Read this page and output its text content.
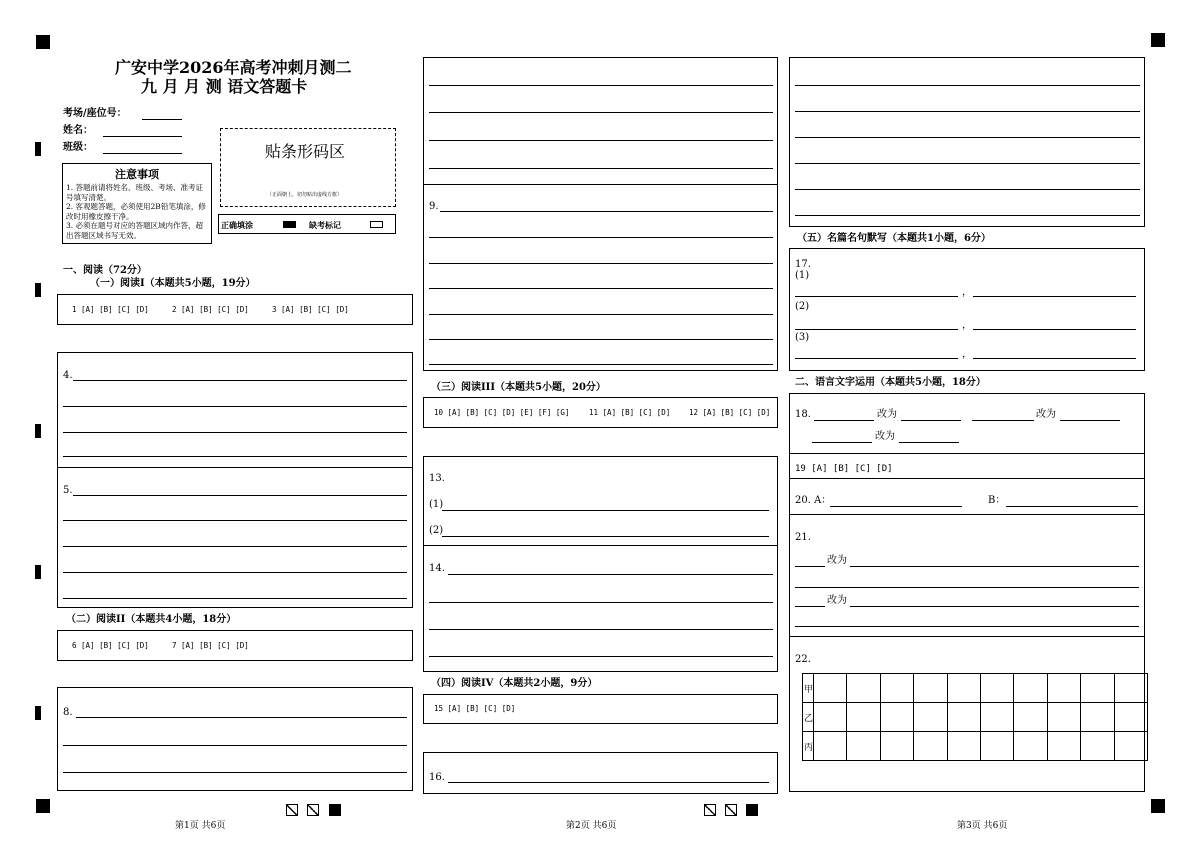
广安中学2026年高考冲刺月测二
九 月 月 测 语文答题卡
考场/座位号：
姓名：
班级：
注意事项
1. 答题前请将姓名、班级、考场、准考证号填写清楚。
2. 客观题答题，必须使用2B铅笔填涂，修改时用橡皮擦干净。
3. 必须在题号对应的答题区域内作答，超出答题区域书写无效。
贴条形码区
（正面朝上，切勿贴出虚线方框）
正确填涂	缺考标记
一、阅读（72分）
（一）阅读I（本题共5小题，19分）
1 [A] [B] [C] [D]	2 [A] [B] [C] [D]	3 [A] [B] [C] [D]
4.
5.
（二）阅读II（本题共4小题，18分）
6 [A] [B] [C] [D]	7 [A] [B] [C] [D]
8.
第1页 共6页
9.
（三）阅读III（本题共5小题，20分）
10 [A] [B] [C] [D] [E] [F] [G]	11 [A] [B] [C] [D] 12 [A] [B] [C] [D]
13.
(1)
(2)
14.
（四）阅读IV（本题共2小题，9分）
15 [A] [B] [C] [D]
16.
第2页 共6页
（五）名篇名句默写（本题共1小题，6分）
17.
(1)
，
(2)
，
(3)
，
二、语言文字运用（本题共5小题，18分）
18.	改为	改为
改为
19 [A] [B] [C] [D]
20. A：	B：
21.
改为
改为
22.
甲
乙
丙
第3页 共6页
